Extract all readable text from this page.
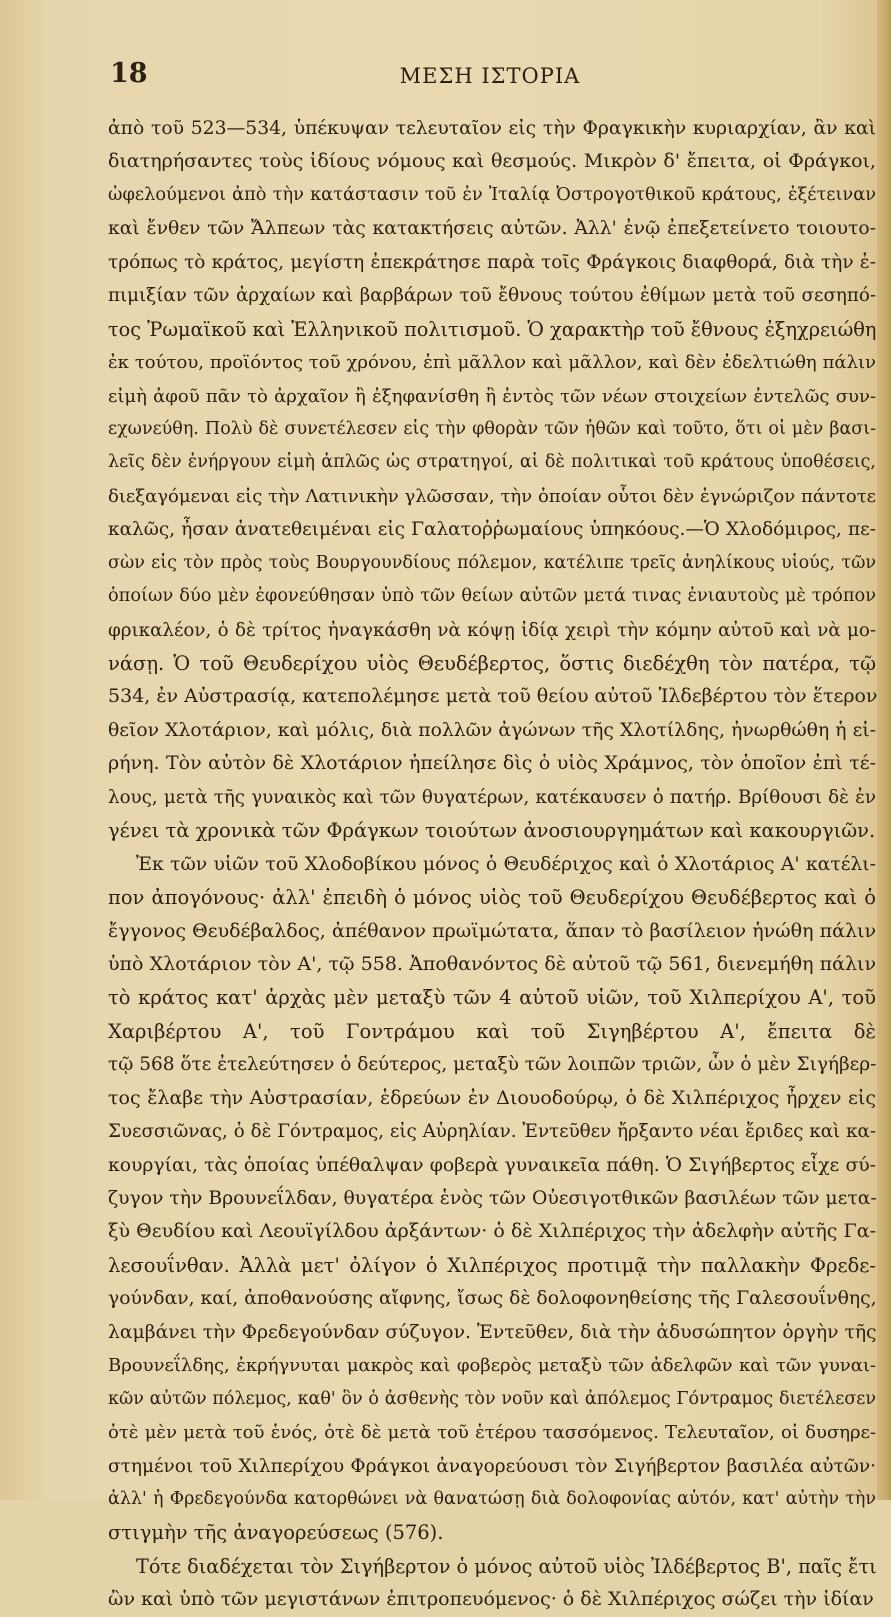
18	ΜΕΣΗ ΙΣΤΟΡΙΑ
ἀπὸ τοῦ 523—534, ὑπέκυψαν τελευταῖον εἰς τὴν Φραγκικὴν κυριαρχίαν, ἂν καὶ
διατηρήσαντες τοὺς ἰδίους νόμους καὶ θεσμούς. Μικρὸν δ' ἔπειτα, οἱ Φράγκοι,
ὠφελούμενοι ἀπὸ τὴν κατάστασιν τοῦ ἐν Ἰταλίᾳ Ὀστρογοτθικοῦ κράτους, ἐξέτειναν
καὶ ἔνθεν τῶν Ἄλπεων τὰς κατακτήσεις αὐτῶν. Ἀλλ' ἐνῷ ἐπεξετείνετο τοιουτο-
τρόπως τὸ κράτος, μεγίστη ἐπεκράτησε παρὰ τοῖς Φράγκοις διαφθορά, διὰ τὴν ἐ-
πιμιξίαν τῶν ἀρχαίων καὶ βαρβάρων τοῦ ἔθνους τούτου ἐθίμων μετὰ τοῦ σεσηπό-
τος Ῥωμαϊκοῦ καὶ Ἑλληνικοῦ πολιτισμοῦ. Ὁ χαρακτὴρ τοῦ ἔθνους ἐξηχρειώθη
ἐκ τούτου, προϊόντος τοῦ χρόνου, ἐπὶ μᾶλλον καὶ μᾶλλον, καὶ δὲν ἐδελτιώθη πάλιν
εἰμὴ ἀφοῦ πᾶν τὸ ἀρχαῖον ἢ ἐξηφανίσθη ἢ ἐντὸς τῶν νέων στοιχείων ἐντελῶς συν-
εχωνεύθη. Πολὺ δὲ συνετέλεσεν εἰς τὴν φθορὰν τῶν ἠθῶν καὶ τοῦτο, ὅτι οἱ μὲν βασι-
λεῖς δὲν ἐνήργουν εἰμὴ ἁπλῶς ὡς στρατηγοί, αἱ δὲ πολιτικαὶ τοῦ κράτους ὑποθέσεις,
διεξαγόμεναι εἰς τὴν Λατινικὴν γλῶσσαν, τὴν ὁποίαν οὗτοι δὲν ἐγνώριζον πάντοτε
καλῶς, ἦσαν ἀνατεθειμέναι εἰς Γαλατοῤῥωμαίους ὑπηκόους.—Ὁ Χλοδόμιρος, πε-
σὼν εἰς τὸν πρὸς τοὺς Βουργουνδίους πόλεμον, κατέλιπε τρεῖς ἀνηλίκους υἱούς, τῶν
ὁποίων δύο μὲν ἐφονεύθησαν ὑπὸ τῶν θείων αὐτῶν μετά τινας ἐνιαυτοὺς μὲ τρόπον
φρικαλέον, ὁ δὲ τρίτος ἠναγκάσθη νὰ κόψῃ ἰδίᾳ χειρὶ τὴν κόμην αὐτοῦ καὶ νὰ μο-
νάσῃ. Ὁ τοῦ Θευδερίχου υἱὸς Θευδέβερτος, ὅστις διεδέχθη τὸν πατέρα, τῷ
534, ἐν Αὐστρασίᾳ, κατεπολέμησε μετὰ τοῦ θείου αὐτοῦ Ἰλδεβέρτου τὸν ἕτερον
θεῖον Χλοτάριον, καὶ μόλις, διὰ πολλῶν ἀγώνων τῆς Χλοτίλδης, ἠνωρθώθη ἡ εἰ-
ρήνη. Τὸν αὐτὸν δὲ Χλοτάριον ἠπείλησε δὶς ὁ υἱὸς Χράμνος, τὸν ὁποῖον ἐπὶ τέ-
λους, μετὰ τῆς γυναικὸς καὶ τῶν θυγατέρων, κατέκαυσεν ὁ πατήρ. Βρίθουσι δὲ ἐν
γένει τὰ χρονικὰ τῶν Φράγκων τοιούτων ἀνοσιουργημάτων καὶ κακουργιῶν.
Ἐκ τῶν υἱῶν τοῦ Χλοδοβίκου μόνος ὁ Θευδέριχος καὶ ὁ Χλοτάριος Α' κατέλι-
πον ἀπογόνους· ἀλλ' ἐπειδὴ ὁ μόνος υἱὸς τοῦ Θευδερίχου Θευδέβερτος καὶ ὁ
ἔγγονος Θευδέβαλδος, ἀπέθανον πρωϊμώτατα, ἅπαν τὸ βασίλειον ἡνώθη πάλιν
ὑπὸ Χλοτάριον τὸν Α', τῷ 558. Ἀποθανόντος δὲ αὐτοῦ τῷ 561, διενεμήθη πάλιν
τὸ κράτος κατ' ἀρχὰς μὲν μεταξὺ τῶν 4 αὐτοῦ υἱῶν, τοῦ Χιλπερίχου Α', τοῦ
Χαριβέρτου Α', τοῦ Γοντράμου καὶ τοῦ Σιγηβέρτου Α', ἔπειτα δὲ
τῷ 568 ὅτε ἐτελεύτησεν ὁ δεύτερος, μεταξὺ τῶν λοιπῶν τριῶν, ὧν ὁ μὲν Σιγήβερ-
τος ἔλαβε τὴν Αὐστρασίαν, ἑδρεύων ἐν Διουοδούρῳ, ὁ δὲ Χιλπέριχος ἦρχεν εἰς
Συεσσιῶνας, ὁ δὲ Γόντραμος, εἰς Αὐρηλίαν. Ἐντεῦθεν ἤρξαντο νέαι ἔριδες καὶ κα-
κουργίαι, τὰς ὁποίας ὑπέθαλψαν φοβερὰ γυναικεῖα πάθη. Ὁ Σιγήβερτος εἶχε σύ-
ζυγον τὴν Βρουνεΐλδαν, θυγατέρα ἑνὸς τῶν Οὐεσιγοτθικῶν βασιλέων τῶν μετα-
ξὺ Θευδίου καὶ Λεουϊγίλδου ἀρξάντων· ὁ δὲ Χιλπέριχος τὴν ἀδελφὴν αὐτῆς Γα-
λεσουΐνθαν. Ἀλλὰ μετ' ὀλίγον ὁ Χιλπέριχος προτιμᾷ τὴν παλλακὴν Φρεδε-
γούνδαν, καί, ἀποθανούσης αἴφνης, ἴσως δὲ δολοφονηθείσης τῆς Γαλεσουΐνθης,
λαμβάνει τὴν Φρεδεγούνδαν σύζυγον. Ἐντεῦθεν, διὰ τὴν ἀδυσώπητον ὀργὴν τῆς
Βρουνεΐλδης, ἐκρήγνυται μακρὸς καὶ φοβερὸς μεταξὺ τῶν ἀδελφῶν καὶ τῶν γυναι-
κῶν αὐτῶν πόλεμος, καθ' ὃν ὁ ἀσθενὴς τὸν νοῦν καὶ ἀπόλεμος Γόντραμος διετέλεσεν
ὁτὲ μὲν μετὰ τοῦ ἑνός, ὁτὲ δὲ μετὰ τοῦ ἑτέρου τασσόμενος. Τελευταῖον, οἱ δυσηρε-
στημένοι τοῦ Χιλπερίχου Φράγκοι ἀναγορεύουσι τὸν Σιγήβερτον βασιλέα αὐτῶν·
ἀλλ' ἡ Φρεδεγούνδα κατορθώνει νὰ θανατώσῃ διὰ δολοφονίας αὐτόν, κατ' αὐτὴν τὴν
στιγμὴν τῆς ἀναγορεύσεως (576).
Τότε διαδέχεται τὸν Σιγήβερτον ὁ μόνος αὐτοῦ υἱὸς Ἰλδέβερτος Β', παῖς ἔτι
ὢν καὶ ὑπὸ τῶν μεγιστάνων ἐπιτροπευόμενος· ὁ δὲ Χιλπέριχος σώζει τὴν ἰδίαν
